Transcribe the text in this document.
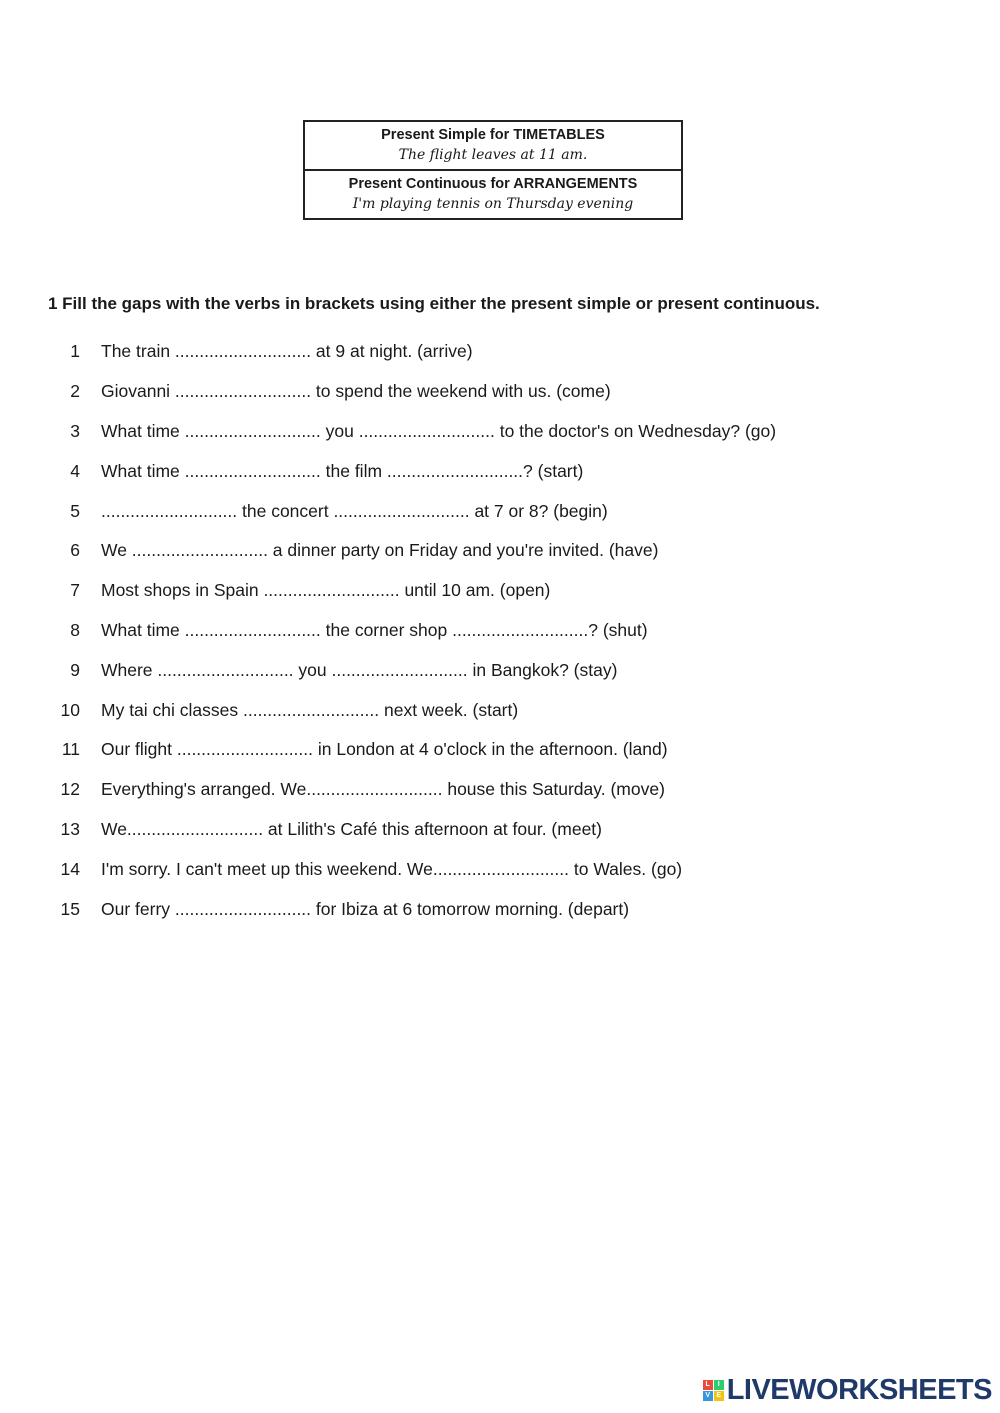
Present Simple for TIMETABLES
The flight leaves at 11 am.
Present Continuous for ARRANGEMENTS
I'm playing tennis on Thursday evening
1 Fill the gaps with the verbs in brackets using either the present simple or present continuous.
1 The train ............................ at 9 at night. (arrive)
2 Giovanni ............................ to spend the weekend with us. (come)
3 What time ............................ you ............................ to the doctor's on Wednesday? (go)
4 What time ............................ the film ............................? (start)
5 ............................ the concert ............................ at 7 or 8? (begin)
6 We ............................ a dinner party on Friday and you're invited. (have)
7 Most shops in Spain ............................ until 10 am. (open)
8 What time ............................ the corner shop ............................? (shut)
9 Where ............................ you ............................ in Bangkok? (stay)
10 My tai chi classes ............................ next week. (start)
11 Our flight ............................ in London at 4 o'clock in the afternoon. (land)
12 Everything's arranged. We............................ house this Saturday. (move)
13 We............................ at Lilith's Café this afternoon at four. (meet)
14 I'm sorry. I can't meet up this weekend. We............................ to Wales. (go)
15 Our ferry ............................ for Ibiza at 6 tomorrow morning. (depart)
L	I
V E LIVEWORKSHEETS
